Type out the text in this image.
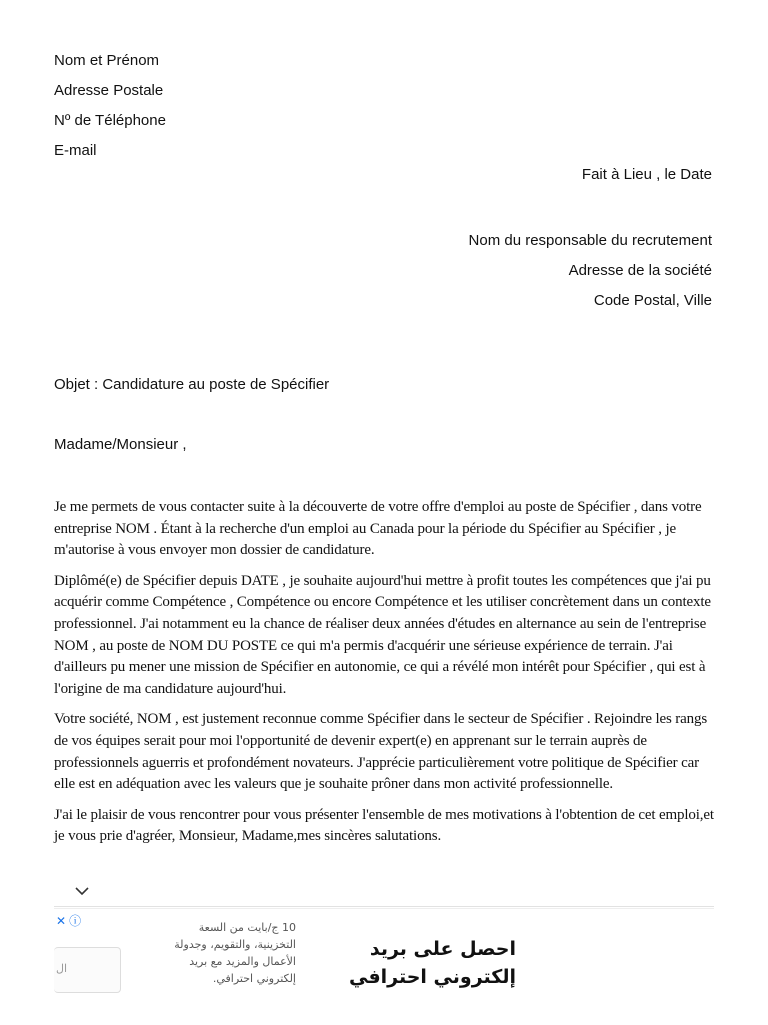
Nom et Prénom
Adresse Postale
Nº de Téléphone
E-mail
Fait à Lieu , le Date
Nom du responsable du recrutement
Adresse de la société
Code Postal, Ville
Objet : Candidature au poste de Spécifier
Madame/Monsieur ,

Je me permets de vous contacter suite à la découverte de votre offre d'emploi au poste de Spécifier , dans votre entreprise NOM . Étant à la recherche d'un emploi au Canada pour la période du Spécifier au Spécifier , je m'autorise à vous envoyer mon dossier de candidature.

Diplômé(e) de Spécifier depuis DATE , je souhaite aujourd'hui mettre à profit toutes les compétences que j'ai pu acquérir comme Compétence , Compétence ou encore Compétence et les utiliser concrètement dans un contexte professionnel. J'ai notamment eu la chance de réaliser deux années d'études en alternance au sein de l'entreprise NOM , au poste de NOM DU POSTE ce qui m'a permis d'acquérir une sérieuse expérience de terrain. J'ai d'ailleurs pu mener une mission de Spécifier en autonomie, ce qui a révélé mon intérêt pour Spécifier , qui est à l'origine de ma candidature aujourd'hui.

Votre société, NOM , est justement reconnue comme Spécifier dans le secteur de Spécifier . Rejoindre les rangs de vos équipes serait pour moi l'opportunité de devenir expert(e) en apprenant sur le terrain auprès de professionnels aguerris et profondément novateurs. J'apprécie particulièrement votre politique de Spécifier car elle est en adéquation avec les valeurs que je souhaite prôner dans mon activité professionnelle.

J'ai le plaisir de vous rencontrer pour vous présenter l'ensemble de mes motivations à l'obtention de cet emploi,et je vous prie d'agréer, Monsieur, Madame,mes sincères salutations.

✕ ⓘ
ال
10 ج/بايت من السعة التخزينية، والتقويم، وجدولة الأعمال والمزيد مع بريد إلكتروني احترافي.
احصل على بريد إلكتروني احترافي
